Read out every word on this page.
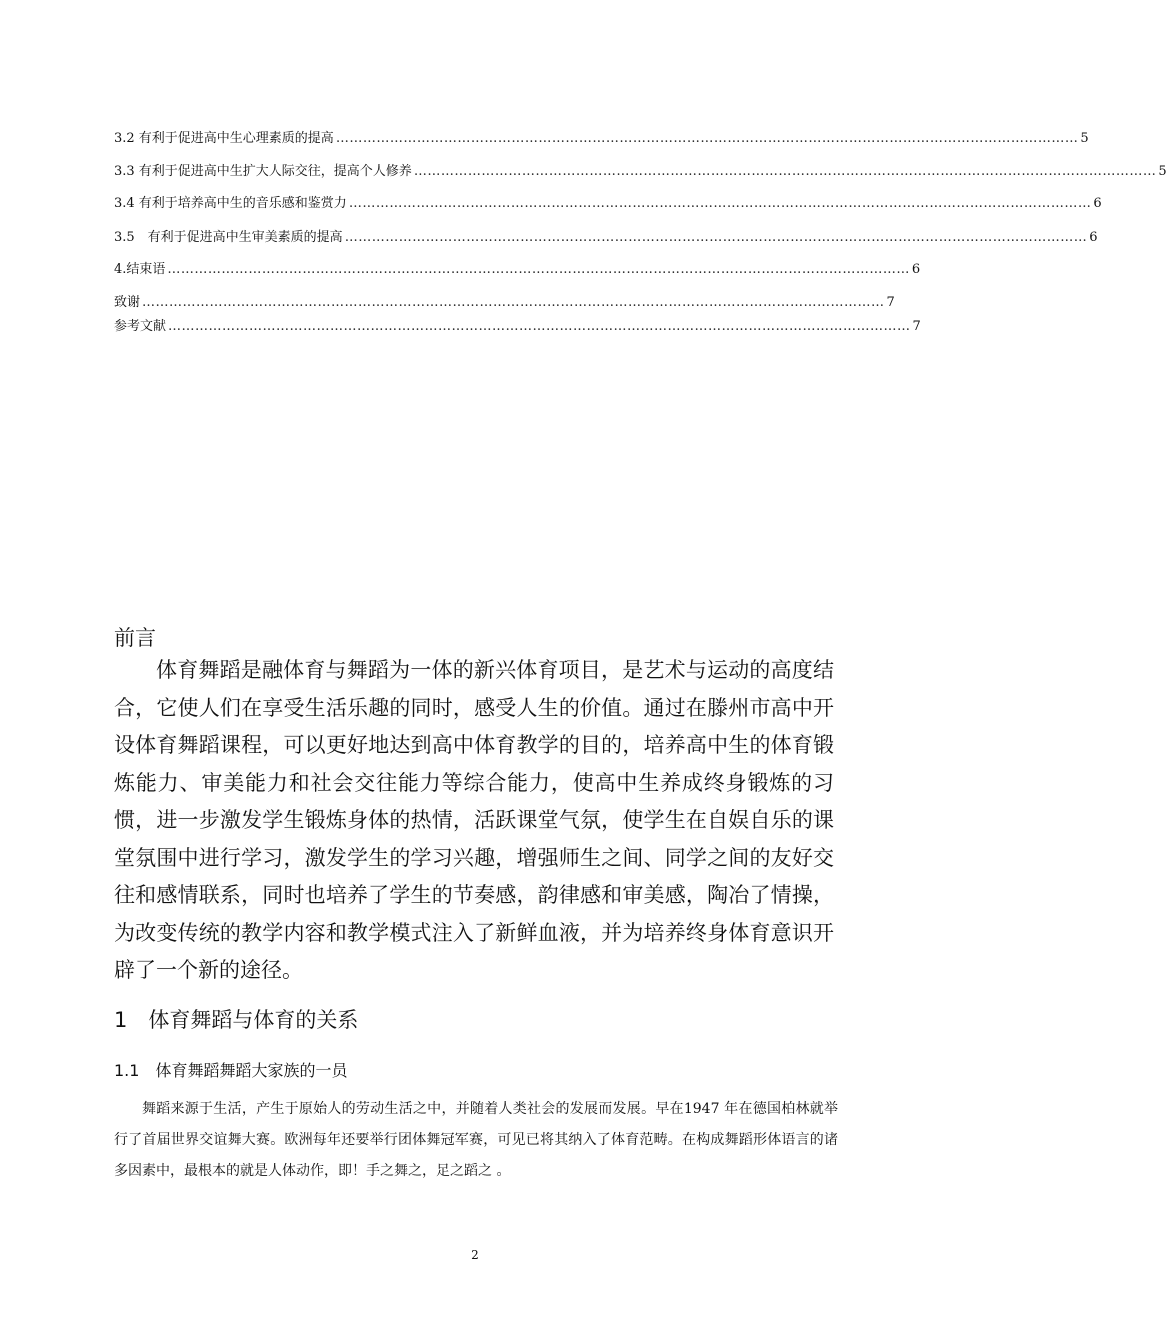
3.2 有利于促进高中生心理素质的提高 ………………………………………………………………………………………………………………………………………………… 5
3.3 有利于促进高中生扩大人际交往，提高个人修养 ………………………………………………………………………………………………………………………………………………… 5
3.4 有利于培养高中生的音乐感和鉴赏力 ………………………………………………………………………………………………………………………………………………… 6
3.5　有利于促进高中生审美素质的提高 ………………………………………………………………………………………………………………………………………………… 6
4.结束语 ………………………………………………………………………………………………………………………………………………… 6
致谢 ………………………………………………………………………………………………………………………………………………… 7
参考文献 ………………………………………………………………………………………………………………………………………………… 7
前言
体育舞蹈是融体育与舞蹈为一体的新兴体育项目，是艺术与运动的高度结合，它使人们在享受生活乐趣的同时，感受人生的价值。通过在滕州市高中开设体育舞蹈课程，可以更好地达到高中体育教学的目的，培养高中生的体育锻炼能力、审美能力和社会交往能力等综合能力，使高中生养成终身锻炼的习惯，进一步激发学生锻炼身体的热情，活跃课堂气氛，使学生在自娱自乐的课堂氛围中进行学习，激发学生的学习兴趣，增强师生之间、同学之间的友好交往和感情联系，同时也培养了学生的节奏感，韵律感和审美感，陶冶了情操，为改变传统的教学内容和教学模式注入了新鲜血液，并为培养终身体育意识开辟了一个新的途径。
1　体育舞蹈与体育的关系
1.1　体育舞蹈舞蹈大家族的一员
舞蹈来源于生活，产生于原始人的劳动生活之中，并随着人类社会的发展而发展。早在1947 年在德国柏林就举行了首届世界交谊舞大赛。欧洲每年还要举行团体舞冠军赛，可见已将其纳入了体育范畴。在构成舞蹈形体语言的诸多因素中，最根本的就是人体动作，即！手之舞之，足之蹈之 。
2
